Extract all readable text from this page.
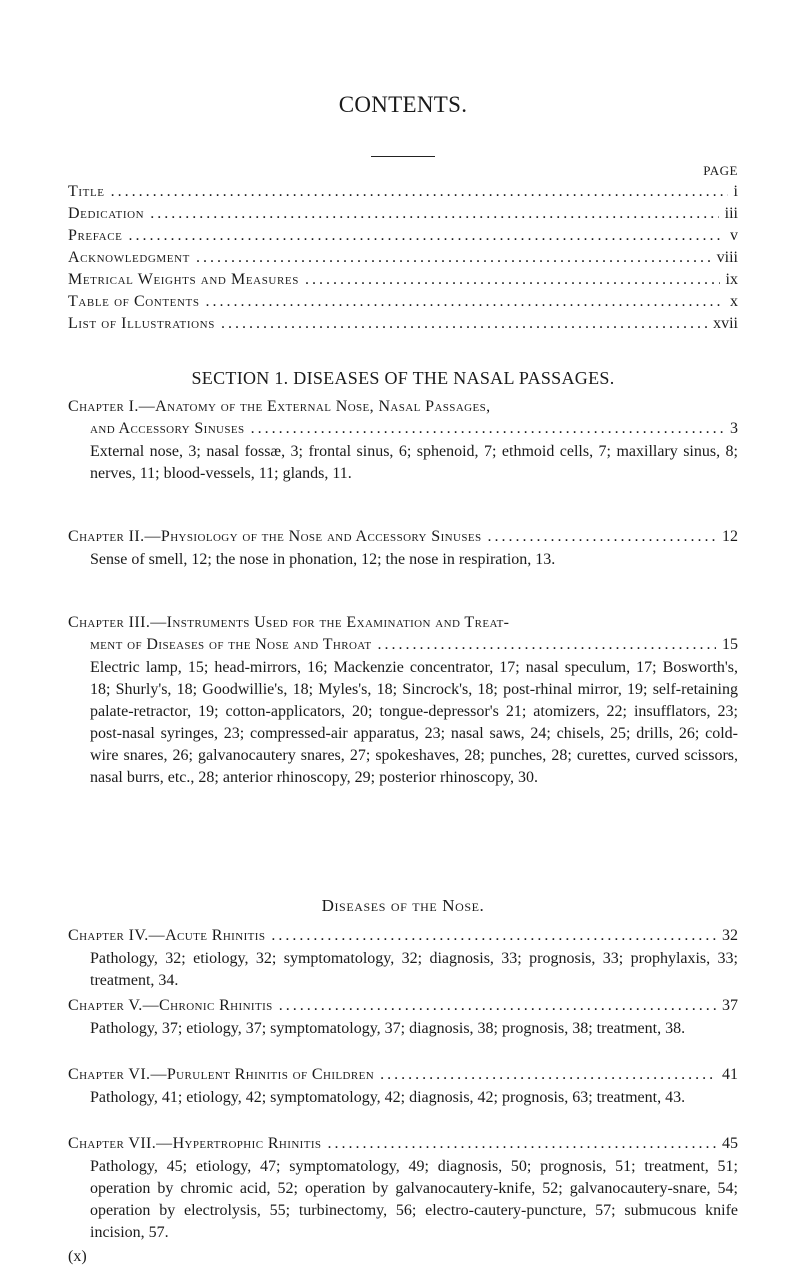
CONTENTS.
PAGE
Title .....	i
Dedication .....	iii
Preface .....	v
Acknowledgment .....	viii
Metrical Weights and Measures .....	ix
Table of Contents .....	x
List of Illustrations .....	xvii
SECTION 1. DISEASES OF THE NASAL PASSAGES.
Chapter I.—Anatomy of the External Nose, Nasal Passages,
and Accessory Sinuses .....	3
External nose, 3; nasal fossæ, 3; frontal sinus, 6; sphenoid, 7; ethmoid cells, 7; maxillary sinus, 8; nerves, 11; blood-vessels, 11; glands, 11.
Chapter II.—Physiology of the Nose and Accessory Sinuses .....	12
Sense of smell, 12; the nose in phonation, 12; the nose in respiration, 13.
Chapter III.—Instruments Used for the Examination and Treat-
ment of Diseases of the Nose and Throat .....	15
Electric lamp, 15; head-mirrors, 16; Mackenzie concentrator, 17; nasal speculum, 17; Bosworth's, 18; Shurly's, 18; Goodwillie's, 18; Myles's, 18; Sincrock's, 18; post-rhinal mirror, 19; self-retaining palate-retractor, 19; cotton-applicators, 20; tongue-depressor's 21; atomizers, 22; insufflators, 23; post-nasal syringes, 23; compressed-air apparatus, 23; nasal saws, 24; chisels, 25; drills, 26; cold-wire snares, 26; galvanocautery snares, 27; spokeshaves, 28; punches, 28; curettes, curved scissors, nasal burrs, etc., 28; anterior rhinoscopy, 29; posterior rhinoscopy, 30.
Diseases of the Nose.
Chapter IV.—Acute Rhinitis .....	32
Pathology, 32; etiology, 32; symptomatology, 32; diagnosis, 33; prognosis, 33; prophylaxis, 33; treatment, 34.
Chapter V.—Chronic Rhinitis .....	37
Pathology, 37; etiology, 37; symptomatology, 37; diagnosis, 38; prognosis, 38; treatment, 38.
Chapter VI.—Purulent Rhinitis of Children .....	41
Pathology, 41; etiology, 42; symptomatology, 42; diagnosis, 42; prognosis, 63; treatment, 43.
Chapter VII.—Hypertrophic Rhinitis .....	45
Pathology, 45; etiology, 47; symptomatology, 49; diagnosis, 50; prognosis, 51; treatment, 51; operation by chromic acid, 52; operation by galvanocautery-knife, 52; galvanocautery-snare, 54; operation by electrolysis, 55; turbinectomy, 56; electro-cautery-puncture, 57; submucous knife incision, 57.
(x)
